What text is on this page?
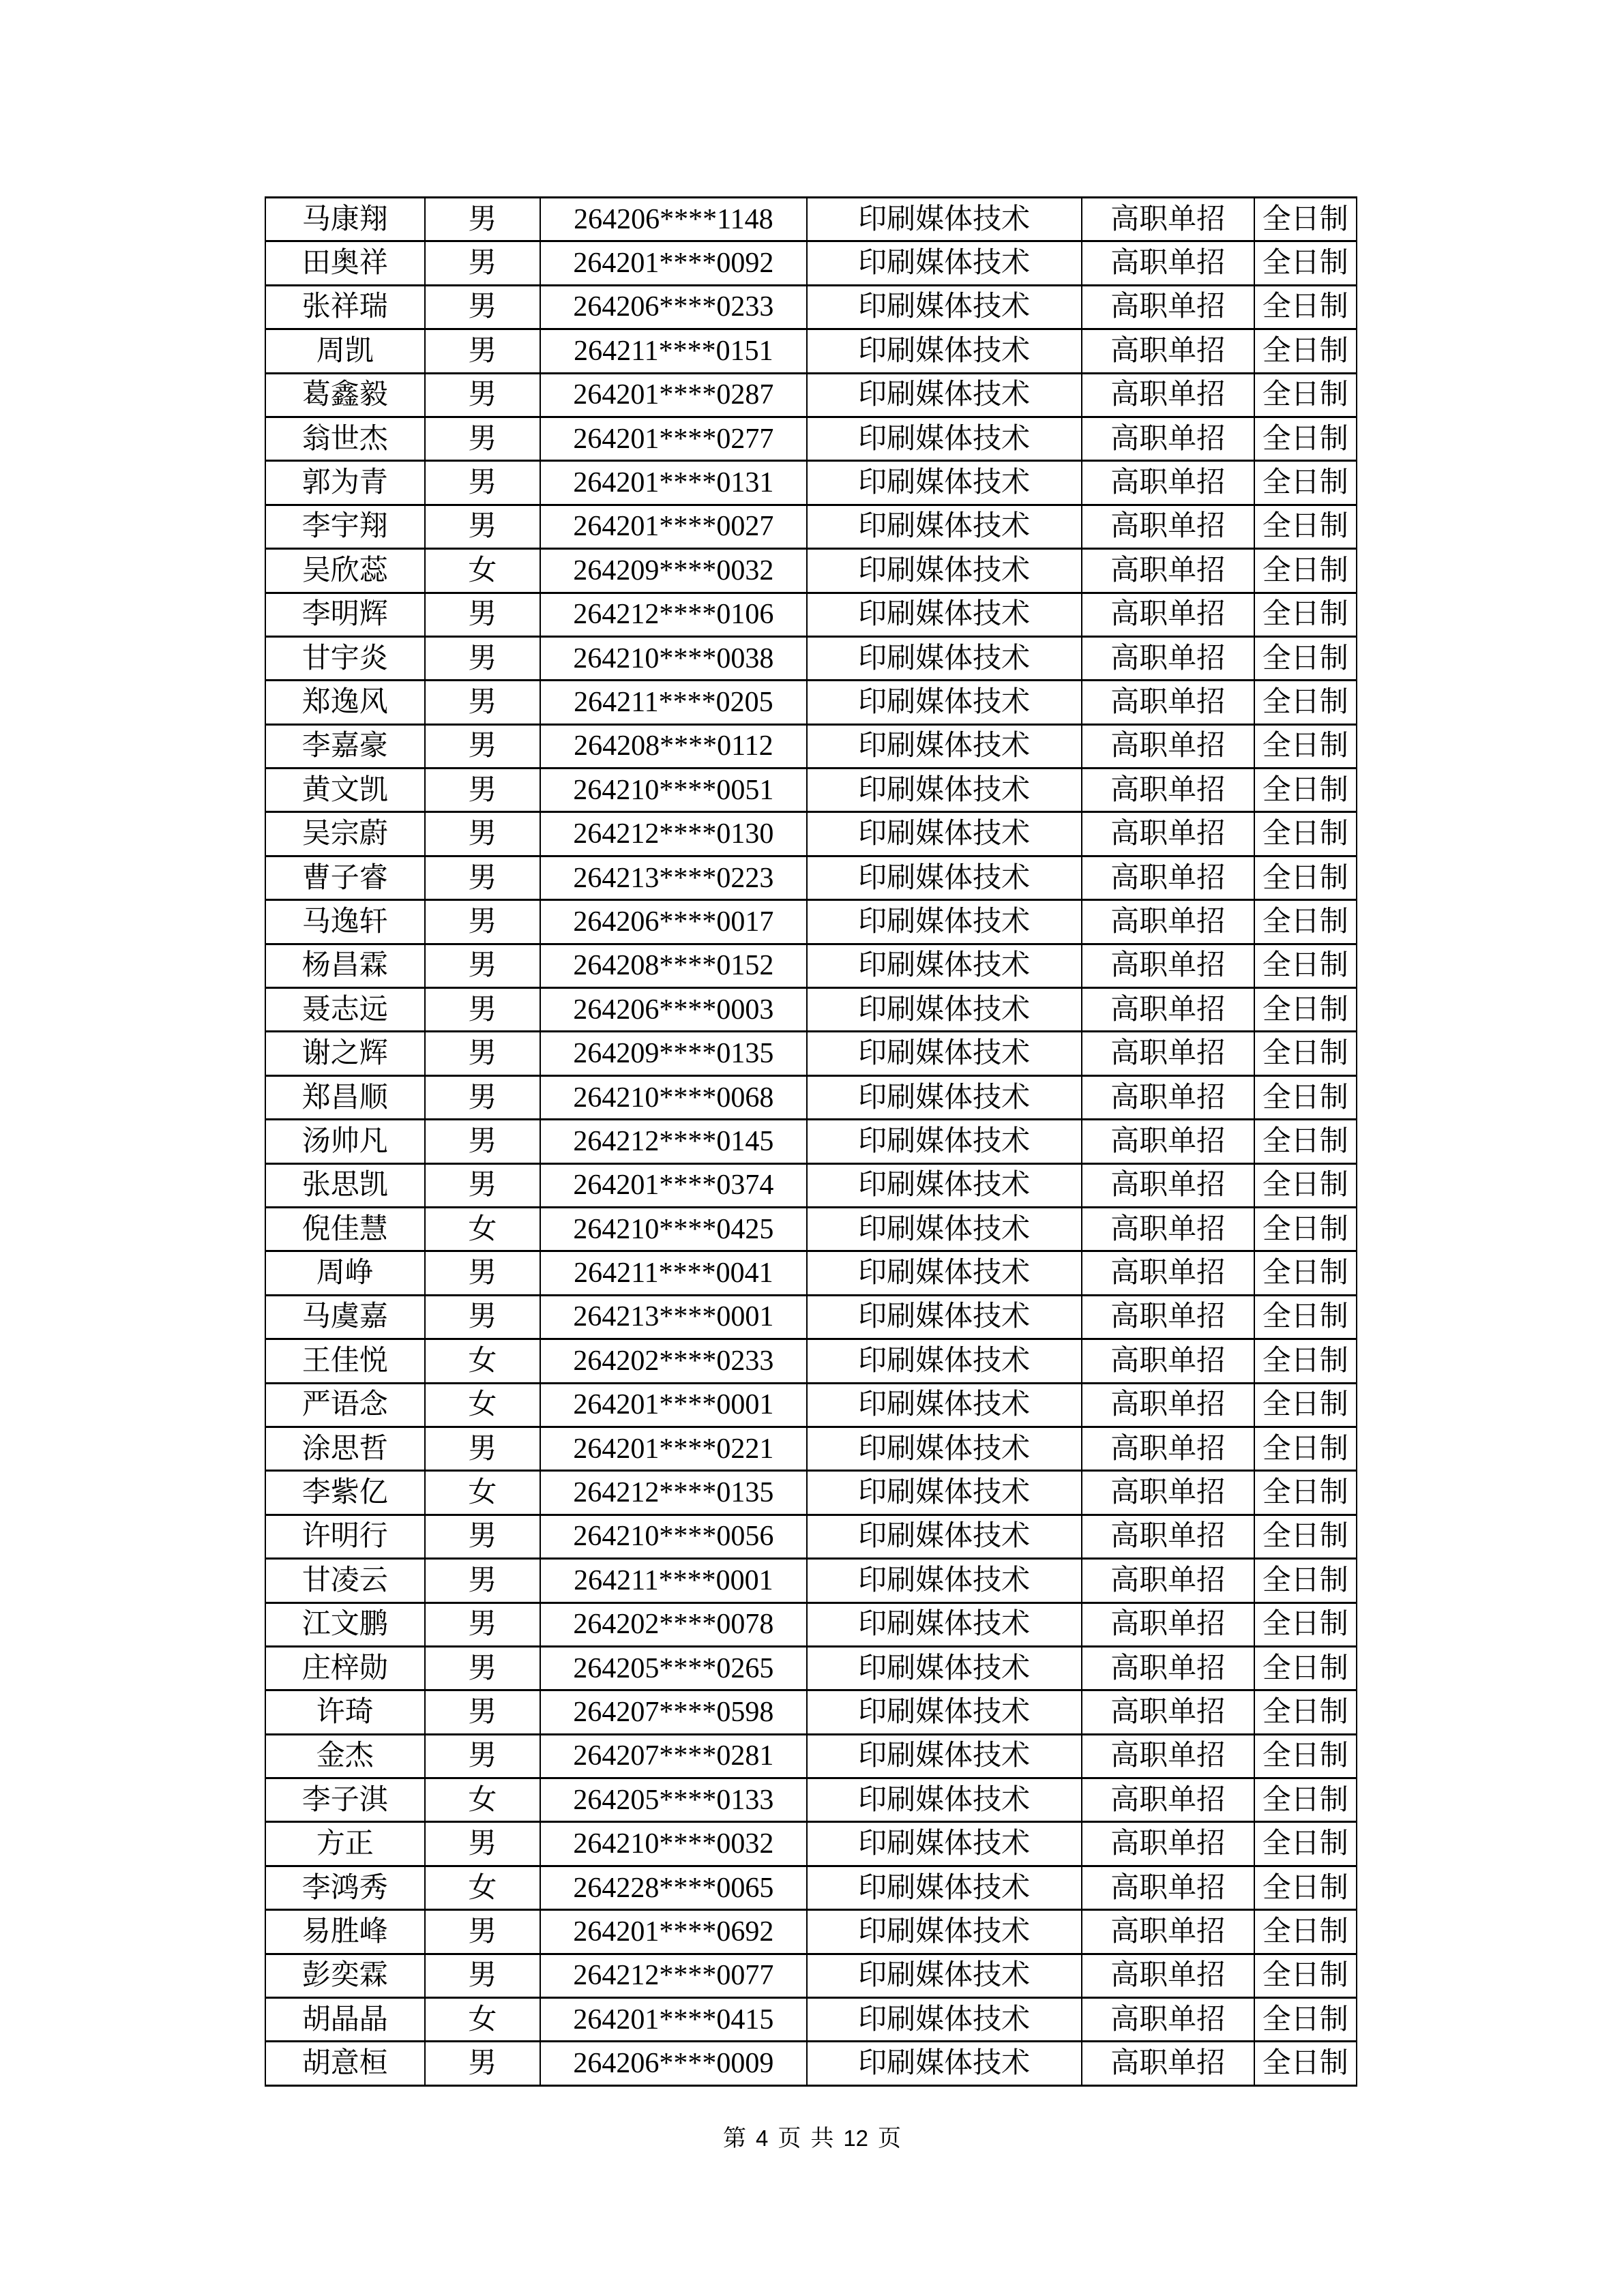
马康翔	男	264206****1148	印刷媒体技术	高职单招	全日制
田奥祥	男	264201****0092	印刷媒体技术	高职单招	全日制
张祥瑞	男	264206****0233	印刷媒体技术	高职单招	全日制
周凯	男	264211****0151	印刷媒体技术	高职单招	全日制
葛鑫毅	男	264201****0287	印刷媒体技术	高职单招	全日制
翁世杰	男	264201****0277	印刷媒体技术	高职单招	全日制
郭为青	男	264201****0131	印刷媒体技术	高职单招	全日制
李宇翔	男	264201****0027	印刷媒体技术	高职单招	全日制
吴欣蕊	女	264209****0032	印刷媒体技术	高职单招	全日制
李明辉	男	264212****0106	印刷媒体技术	高职单招	全日制
甘宇炎	男	264210****0038	印刷媒体技术	高职单招	全日制
郑逸风	男	264211****0205	印刷媒体技术	高职单招	全日制
李嘉豪	男	264208****0112	印刷媒体技术	高职单招	全日制
黄文凯	男	264210****0051	印刷媒体技术	高职单招	全日制
吴宗蔚	男	264212****0130	印刷媒体技术	高职单招	全日制
曹子睿	男	264213****0223	印刷媒体技术	高职单招	全日制
马逸轩	男	264206****0017	印刷媒体技术	高职单招	全日制
杨昌霖	男	264208****0152	印刷媒体技术	高职单招	全日制
聂志远	男	264206****0003	印刷媒体技术	高职单招	全日制
谢之辉	男	264209****0135	印刷媒体技术	高职单招	全日制
郑昌顺	男	264210****0068	印刷媒体技术	高职单招	全日制
汤帅凡	男	264212****0145	印刷媒体技术	高职单招	全日制
张思凯	男	264201****0374	印刷媒体技术	高职单招	全日制
倪佳慧	女	264210****0425	印刷媒体技术	高职单招	全日制
周峥	男	264211****0041	印刷媒体技术	高职单招	全日制
马虞嘉	男	264213****0001	印刷媒体技术	高职单招	全日制
王佳悦	女	264202****0233	印刷媒体技术	高职单招	全日制
严语念	女	264201****0001	印刷媒体技术	高职单招	全日制
涂思哲	男	264201****0221	印刷媒体技术	高职单招	全日制
李紫亿	女	264212****0135	印刷媒体技术	高职单招	全日制
许明行	男	264210****0056	印刷媒体技术	高职单招	全日制
甘凌云	男	264211****0001	印刷媒体技术	高职单招	全日制
江文鹏	男	264202****0078	印刷媒体技术	高职单招	全日制
庄梓勋	男	264205****0265	印刷媒体技术	高职单招	全日制
许琦	男	264207****0598	印刷媒体技术	高职单招	全日制
金杰	男	264207****0281	印刷媒体技术	高职单招	全日制
李子淇	女	264205****0133	印刷媒体技术	高职单招	全日制
方正	男	264210****0032	印刷媒体技术	高职单招	全日制
李鸿秀	女	264228****0065	印刷媒体技术	高职单招	全日制
易胜峰	男	264201****0692	印刷媒体技术	高职单招	全日制
彭奕霖	男	264212****0077	印刷媒体技术	高职单招	全日制
胡晶晶	女	264201****0415	印刷媒体技术	高职单招	全日制
胡意桓	男	264206****0009	印刷媒体技术	高职单招	全日制
第 4 页 共 12 页
